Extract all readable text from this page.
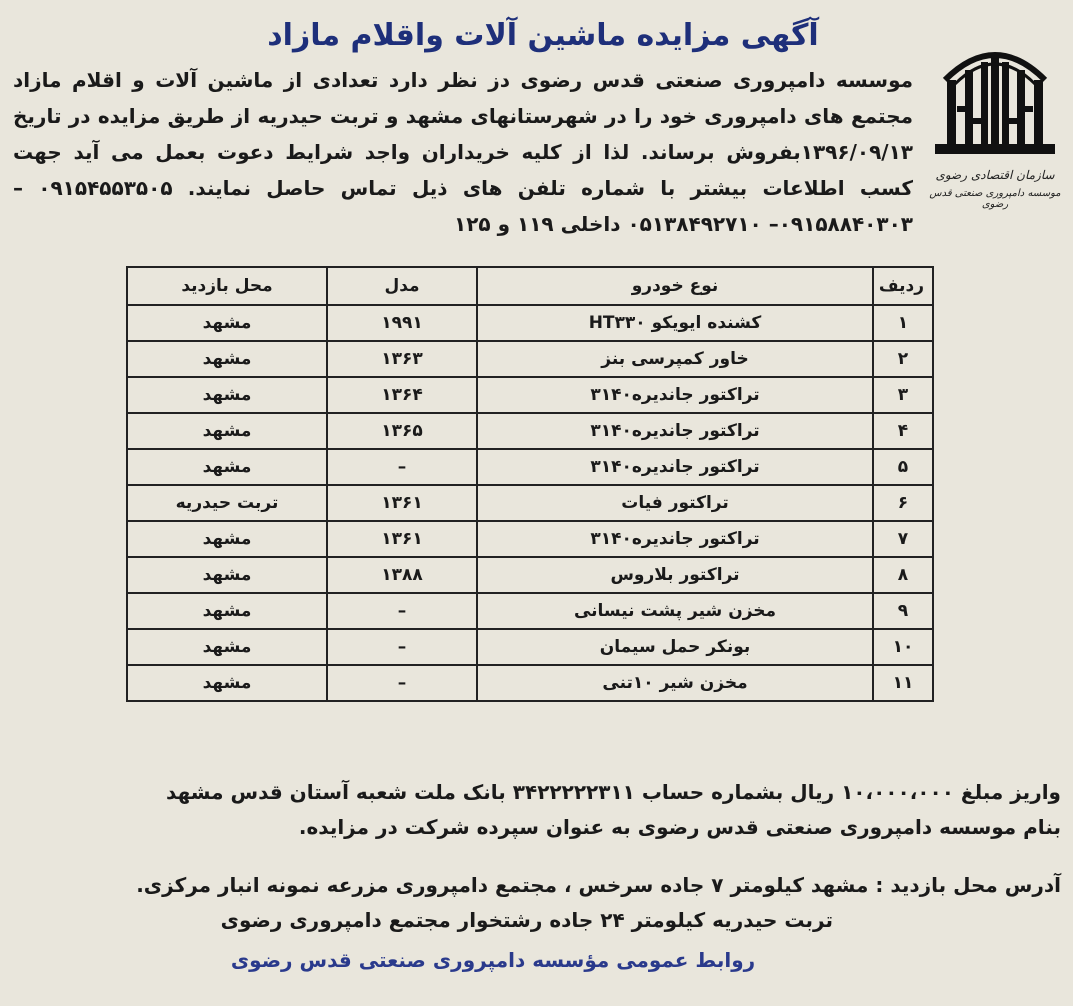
آگهی مزایده ماشین آلات واقلام مازاد
سازمان اقتصادی رضوی
موسسه دامپروری صنعتی قدس رضوی

موسسه دامپروری صنعتی قدس رضوی دز نظر دارد تعدادی از ماشین آلات و اقلام مازاد مجتمع های دامپروری خود را در شهرستانهای مشهد و تربت حیدریه از طریق مزایده در تاریخ ۱۳۹۶/۰۹/۱۳بفروش برساند. لذا از کلیه خریداران واجد شرایط دعوت بعمل می آید جهت کسب اطلاعات بیشتر با شماره تلفن های ذیل تماس حاصل نمایند. ۰۹۱۵۴۵۵۳۵۰۵ – ۰۹۱۵۸۸۴۰۳۰۳– ۰۵۱۳۸۴۹۲۷۱۰ داخلی ۱۱۹ و ۱۲۵

ردیف	نوع خودرو	مدل	محل بازدید
۱	کشنده ایویکو HT۳۳۰	۱۹۹۱	مشهد
۲	خاور کمپرسی بنز	۱۳۶۳	مشهد
۳	تراکتور جاندیره۳۱۴۰	۱۳۶۴	مشهد
۴	تراکتور جاندیره۳۱۴۰	۱۳۶۵	مشهد
۵	تراکتور جاندیره۳۱۴۰	–	مشهد
۶	تراکتور فیات	۱۳۶۱	تربت حیدریه
۷	تراکتور جاندیره۳۱۴۰	۱۳۶۱	مشهد
۸	تراکتور بلاروس	۱۳۸۸	مشهد
۹	مخزن شیر پشت نیسانی	–	مشهد
۱۰	بونکر حمل سیمان	–	مشهد
۱۱	مخزن شیر ۱۰تنی	–	مشهد

واریز مبلغ ۱۰،۰۰۰،۰۰۰ ریال بشماره حساب ۳۴۲۲۲۲۲۳۱۱ بانک ملت شعبه آستان قدس مشهد

بنام موسسه دامپروری صنعتی قدس رضوی به عنوان سپرده شرکت در مزایده.

آدرس محل بازدید : مشهد کیلومتر ۷ جاده سرخس ، مجتمع دامپروری مزرعه نمونه انبار مرکزی.

تربت حیدریه کیلومتر ۲۴ جاده رشتخوار مجتمع دامپروری رضوی

روابط عمومی مؤسسه دامپروری صنعتی قدس رضوی
